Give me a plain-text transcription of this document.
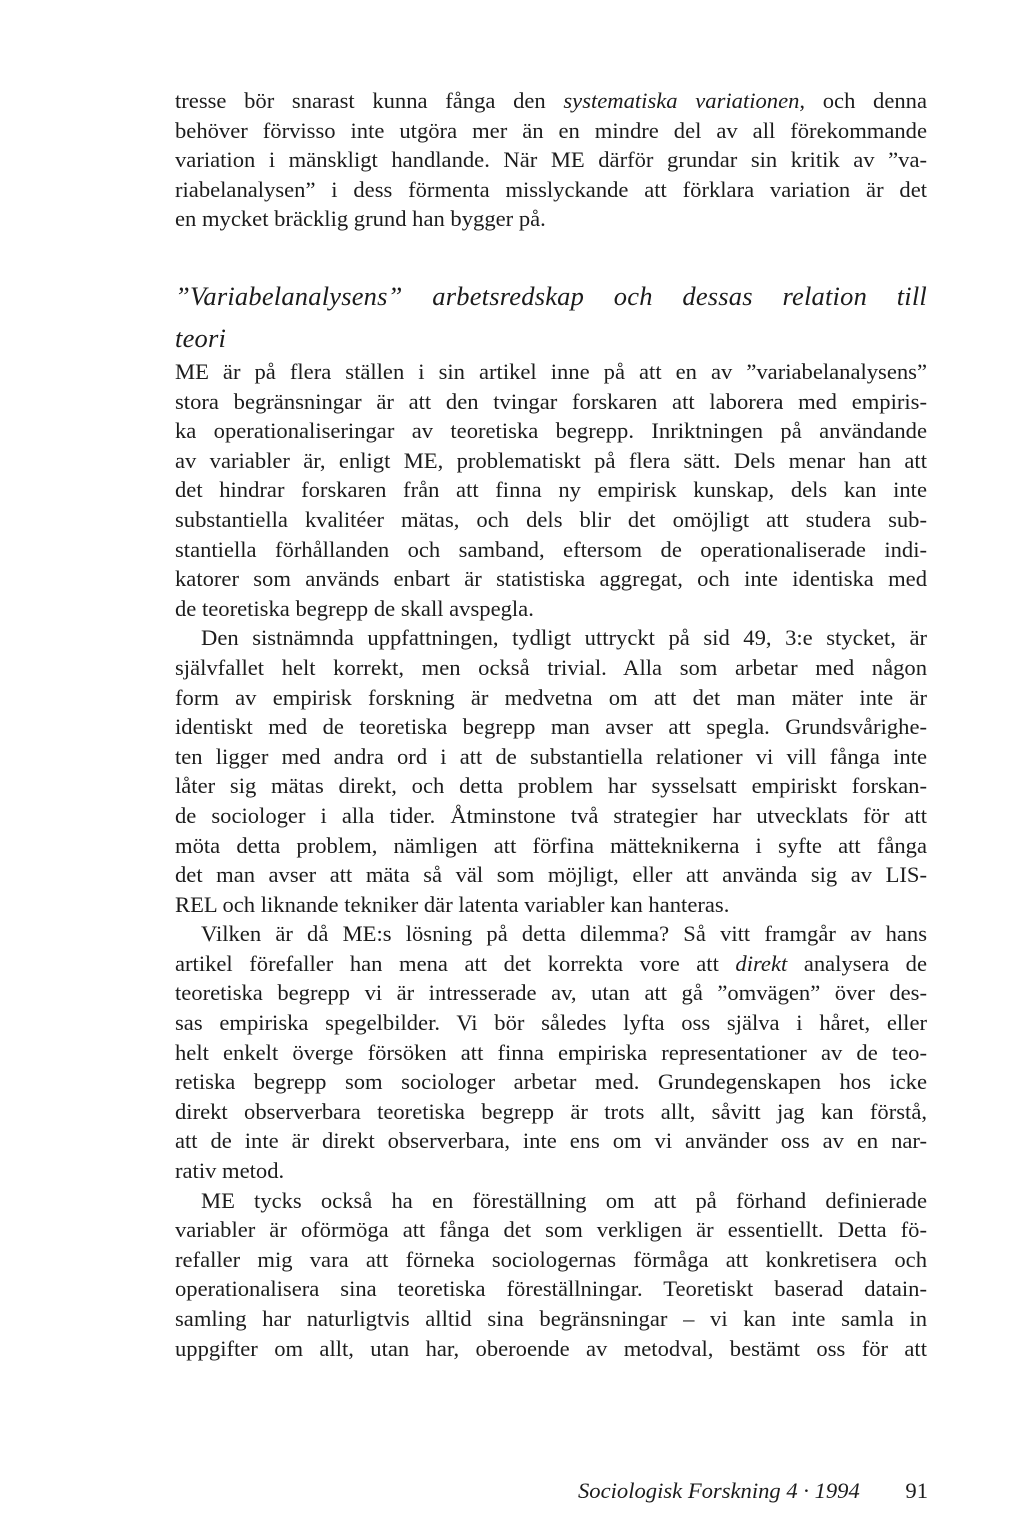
tresse bör snarast kunna fånga den systematiska variationen, och denna
behöver förvisso inte utgöra mer än en mindre del av all förekommande
variation i mänskligt handlande. När ME därför grundar sin kritik av ”va-
riabelanalysen” i dess förmenta misslyckande att förklara variation är det
en mycket bräcklig grund han bygger på.
”Variabelanalysens” arbetsredskap och dessas relation till
teori
ME är på flera ställen i sin artikel inne på att en av ”variabelanalysens”
stora begränsningar är att den tvingar forskaren att laborera med empiris-
ka operationaliseringar av teoretiska begrepp. Inriktningen på användande
av variabler är, enligt ME, problematiskt på flera sätt. Dels menar han att
det hindrar forskaren från att finna ny empirisk kunskap, dels kan inte
substantiella kvalitéer mätas, och dels blir det omöjligt att studera sub-
stantiella förhållanden och samband, eftersom de operationaliserade indi-
katorer som används enbart är statistiska aggregat, och inte identiska med
de teoretiska begrepp de skall avspegla.
Den sistnämnda uppfattningen, tydligt uttryckt på sid 49, 3:e stycket, är
självfallet helt korrekt, men också trivial. Alla som arbetar med någon
form av empirisk forskning är medvetna om att det man mäter inte är
identiskt med de teoretiska begrepp man avser att spegla. Grundsvårighe-
ten ligger med andra ord i att de substantiella relationer vi vill fånga inte
låter sig mätas direkt, och detta problem har sysselsatt empiriskt forskan-
de sociologer i alla tider. Åtminstone två strategier har utvecklats för att
möta detta problem, nämligen att förfina mätteknikerna i syfte att fånga
det man avser att mäta så väl som möjligt, eller att använda sig av LIS-
REL och liknande tekniker där latenta variabler kan hanteras.
Vilken är då ME:s lösning på detta dilemma? Så vitt framgår av hans
artikel förefaller han mena att det korrekta vore att direkt analysera de
teoretiska begrepp vi är intresserade av, utan att gå ”omvägen” över des-
sas empiriska spegelbilder. Vi bör således lyfta oss själva i håret, eller
helt enkelt överge försöken att finna empiriska representationer av de teo-
retiska begrepp som sociologer arbetar med. Grundegenskapen hos icke
direkt observerbara teoretiska begrepp är trots allt, såvitt jag kan förstå,
att de inte är direkt observerbara, inte ens om vi använder oss av en nar-
rativ metod.
ME tycks också ha en föreställning om att på förhand definierade
variabler är oförmöga att fånga det som verkligen är essentiellt. Detta fö-
refaller mig vara att förneka sociologernas förmåga att konkretisera och
operationalisera sina teoretiska föreställningar. Teoretiskt baserad datain-
samling har naturligtvis alltid sina begränsningar – vi kan inte samla in
uppgifter om allt, utan har, oberoende av metodval, bestämt oss för att
Sociologisk Forskning 4 · 1994 91
